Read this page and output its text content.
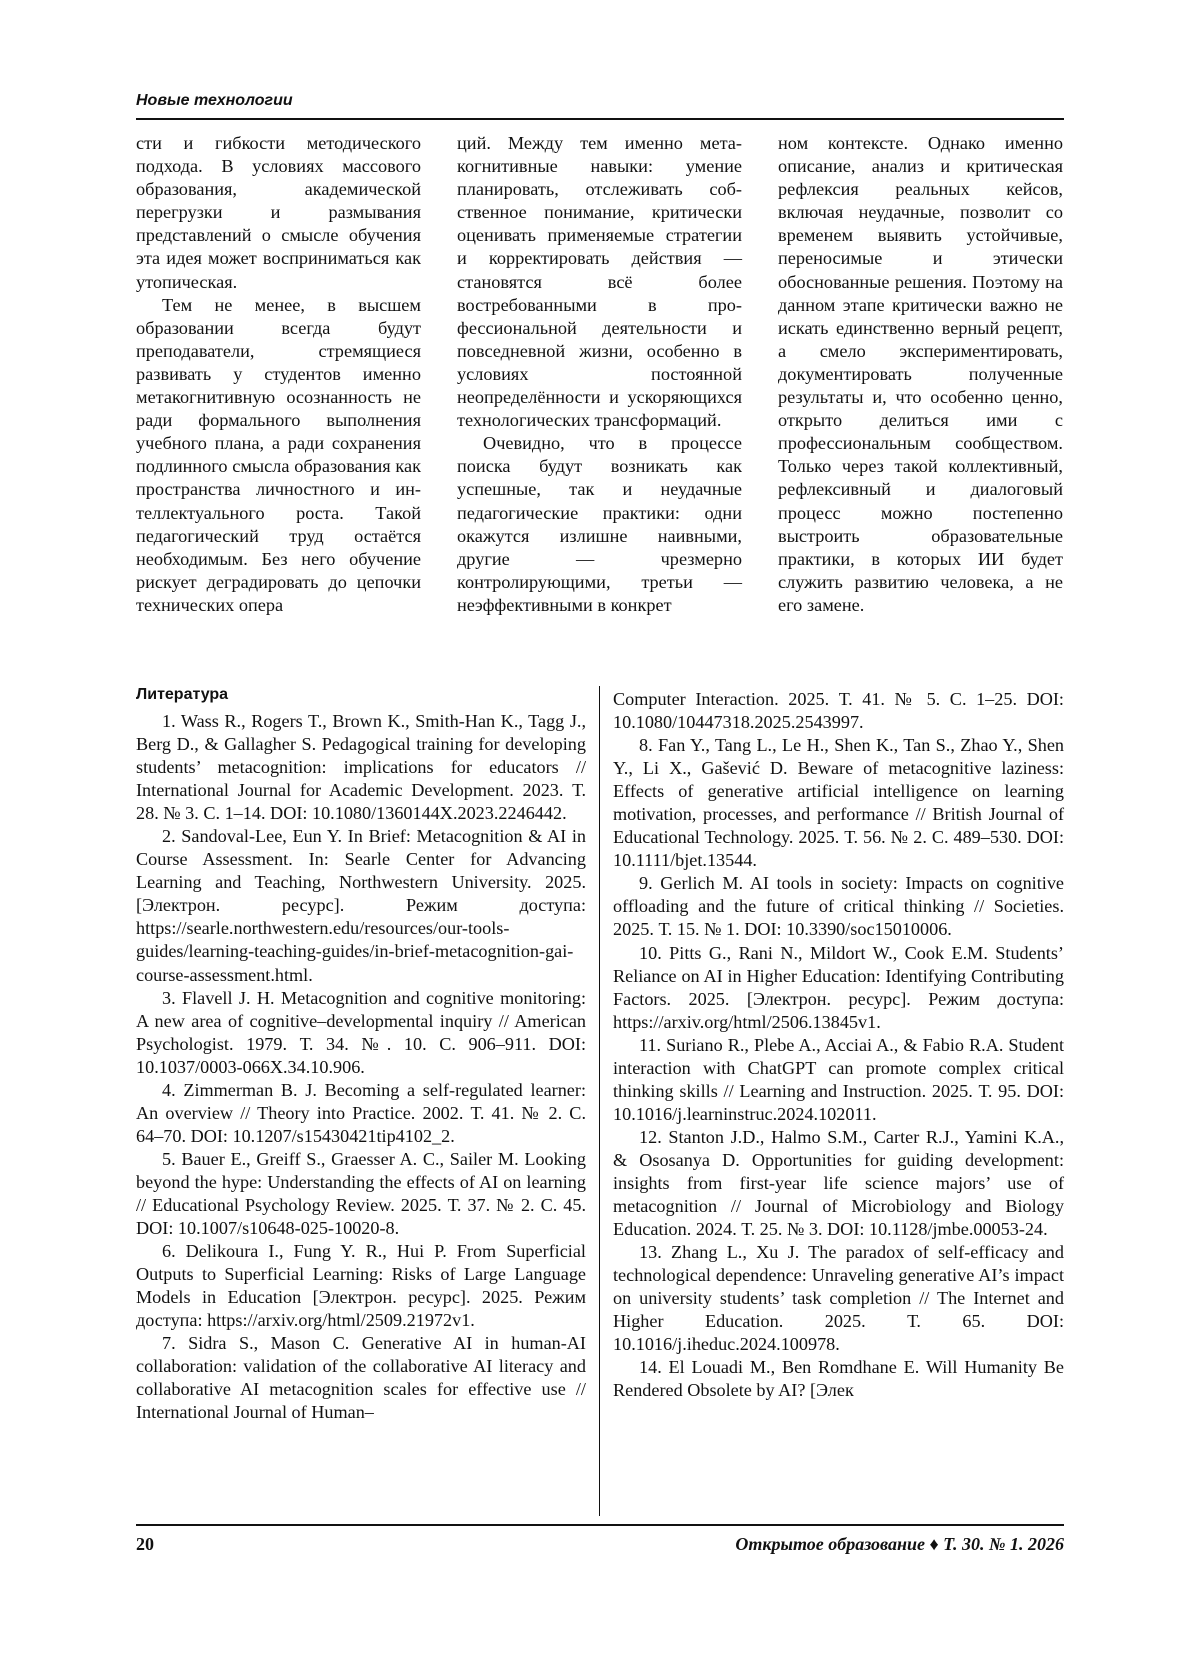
Новые технологии

сти и гибкости методического подхода. В условиях массового образования, академической перегрузки и размывания представлений о смысле обучения эта идея может восприниматься как утопическая.

Тем не менее, в высшем образовании всегда будут преподаватели, стремящиеся развивать у студентов именно метакогнитивную осознанность не ради формального выполнения учебного плана, а ради сохранения подлинного смысла образования как пространства личностного и интеллектуального роста. Такой педагогический труд остаётся необходимым. Без него обучение рискует деградировать до цепочки технических опера

ций. Между тем именно метакогнитивные навыки: умение планировать, отслеживать собственное понимание, критически оценивать применяемые стратегии и корректировать действия — становятся всё более востребованными в профессиональной деятельности и повседневной жизни, особенно в условиях постоянной неопределённости и ускоряющихся технологических трансформаций.

Очевидно, что в процессе поиска будут возникать как успешные, так и неудачные педагогические практики: одни окажутся излишне наивными, другие — чрезмерно контролирующими, третьи — неэффективными в конкрет

ном контексте. Однако именно описание, анализ и критическая рефлексия реальных кейсов, включая неудачные, позволит со временем выявить устойчивые, переносимые и этически обоснованные решения. Поэтому на данном этапе критически важно не искать единственно верный рецепт, а смело экспериментировать, документировать полученные результаты и, что особенно ценно, открыто делиться ими с профессиональным сообществом. Только через такой коллективный, рефлексивный и диалоговый процесс можно постепенно выстроить образовательные практики, в которых ИИ будет служить развитию человека, а не его замене.

Литература

1. Wass R., Rogers T., Brown K., Smith-Han K., Tagg J., Berg D., & Gallagher S. Pedagogical training for developing students’ metacognition: implications for educators // International Journal for Academic Development. 2023. Т. 28. № 3. С. 1–14. DOI: 10.1080/1360144X.2023.2246442.

2. Sandoval-Lee, Eun Y. In Brief: Metacognition & AI in Course Assessment. In: Searle Center for Advancing Learning and Teaching, Northwestern University. 2025. [Электрон. ресурс]. Режим доступа: https://searle.northwestern.edu/resources/our-tools-guides/learning-teaching-guides/in-brief-metacognition-gai-course-assessment.html.

3. Flavell J. H. Metacognition and cognitive monitoring: A new area of cognitive–developmental inquiry // American Psychologist. 1979. Т. 34. №. 10. С. 906–911. DOI: 10.1037/0003-066X.34.10.906.

4. Zimmerman B. J. Becoming a self-regulated learner: An overview // Theory into Practice. 2002. Т. 41. № 2. С. 64–70. DOI: 10.1207/s15430421tip4102_2.

5. Bauer E., Greiff S., Graesser A. C., Sailer M. Looking beyond the hype: Understanding the effects of AI on learning // Educational Psychology Review. 2025. Т. 37. № 2. С. 45. DOI: 10.1007/s10648-025-10020-8.

6. Delikoura I., Fung Y. R., Hui P. From Superficial Outputs to Superficial Learning: Risks of Large Language Models in Education [Электрон. ресурс]. 2025. Режим доступа: https://arxiv.org/html/2509.21972v1.

7. Sidra S., Mason C. Generative AI in human-AI collaboration: validation of the collaborative AI literacy and collaborative AI metacognition scales for effective use // International Journal of Human–

Computer Interaction. 2025. Т. 41. № 5. С. 1–25. DOI: 10.1080/10447318.2025.2543997.

8. Fan Y., Tang L., Le H., Shen K., Tan S., Zhao Y., Shen Y., Li X., Gašević D. Beware of metacognitive laziness: Effects of generative artificial intelligence on learning motivation, processes, and performance // British Journal of Educational Technology. 2025. Т. 56. № 2. С. 489–530. DOI: 10.1111/bjet.13544.

9. Gerlich M. AI tools in society: Impacts on cognitive offloading and the future of critical thinking // Societies. 2025. Т. 15. № 1. DOI: 10.3390/soc15010006.

10. Pitts G., Rani N., Mildort W., Cook E.M. Students’ Reliance on AI in Higher Education: Identifying Contributing Factors. 2025. [Электрон. ресурс]. Режим доступа: https://arxiv.org/html/2506.13845v1.

11. Suriano R., Plebe A., Acciai A., & Fabio R.A. Student interaction with ChatGPT can promote complex critical thinking skills // Learning and Instruction. 2025. Т. 95. DOI: 10.1016/j.learninstruc.2024.102011.

12. Stanton J.D., Halmo S.M., Carter R.J., Yamini K.A., & Ososanya D. Opportunities for guiding development: insights from first-year life science majors’ use of metacognition // Journal of Microbiology and Biology Education. 2024. Т. 25. № 3. DOI: 10.1128/jmbe.00053-24.

13. Zhang L., Xu J. The paradox of self-efficacy and technological dependence: Unraveling generative AI’s impact on university students’ task completion // The Internet and Higher Education. 2025. Т. 65. DOI: 10.1016/j.iheduc.2024.100978.

14. El Louadi M., Ben Romdhane E. Will Humanity Be Rendered Obsolete by AI? [Элек

20	Открытое образование ♦ Т. 30. № 1. 2026
